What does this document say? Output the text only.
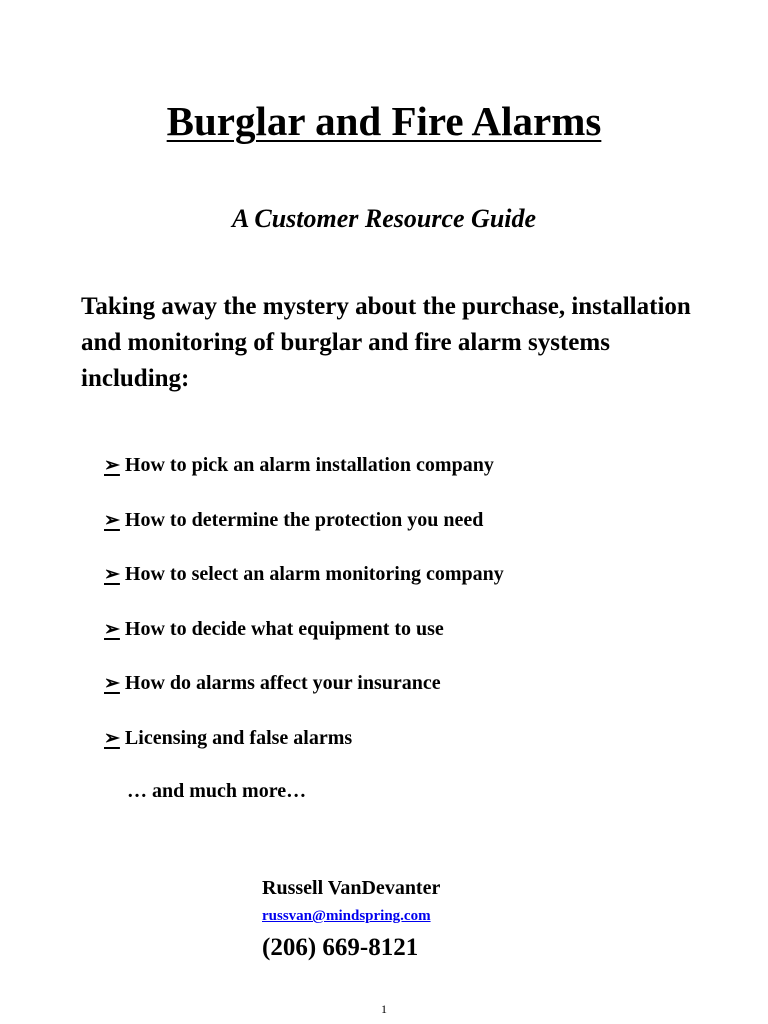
Burglar and Fire Alarms
A Customer Resource Guide
Taking away the mystery about the purchase, installation and monitoring of burglar and fire alarm systems including:
➢ How to pick an alarm installation company
➢ How to determine the protection you need
➢ How to select an alarm monitoring company
➢ How to decide what equipment to use
➢ How do alarms affect your insurance
➢ Licensing and false alarms
… and much more…
Russell VanDevanter
russvan@mindspring.com
(206) 669-8121
1
